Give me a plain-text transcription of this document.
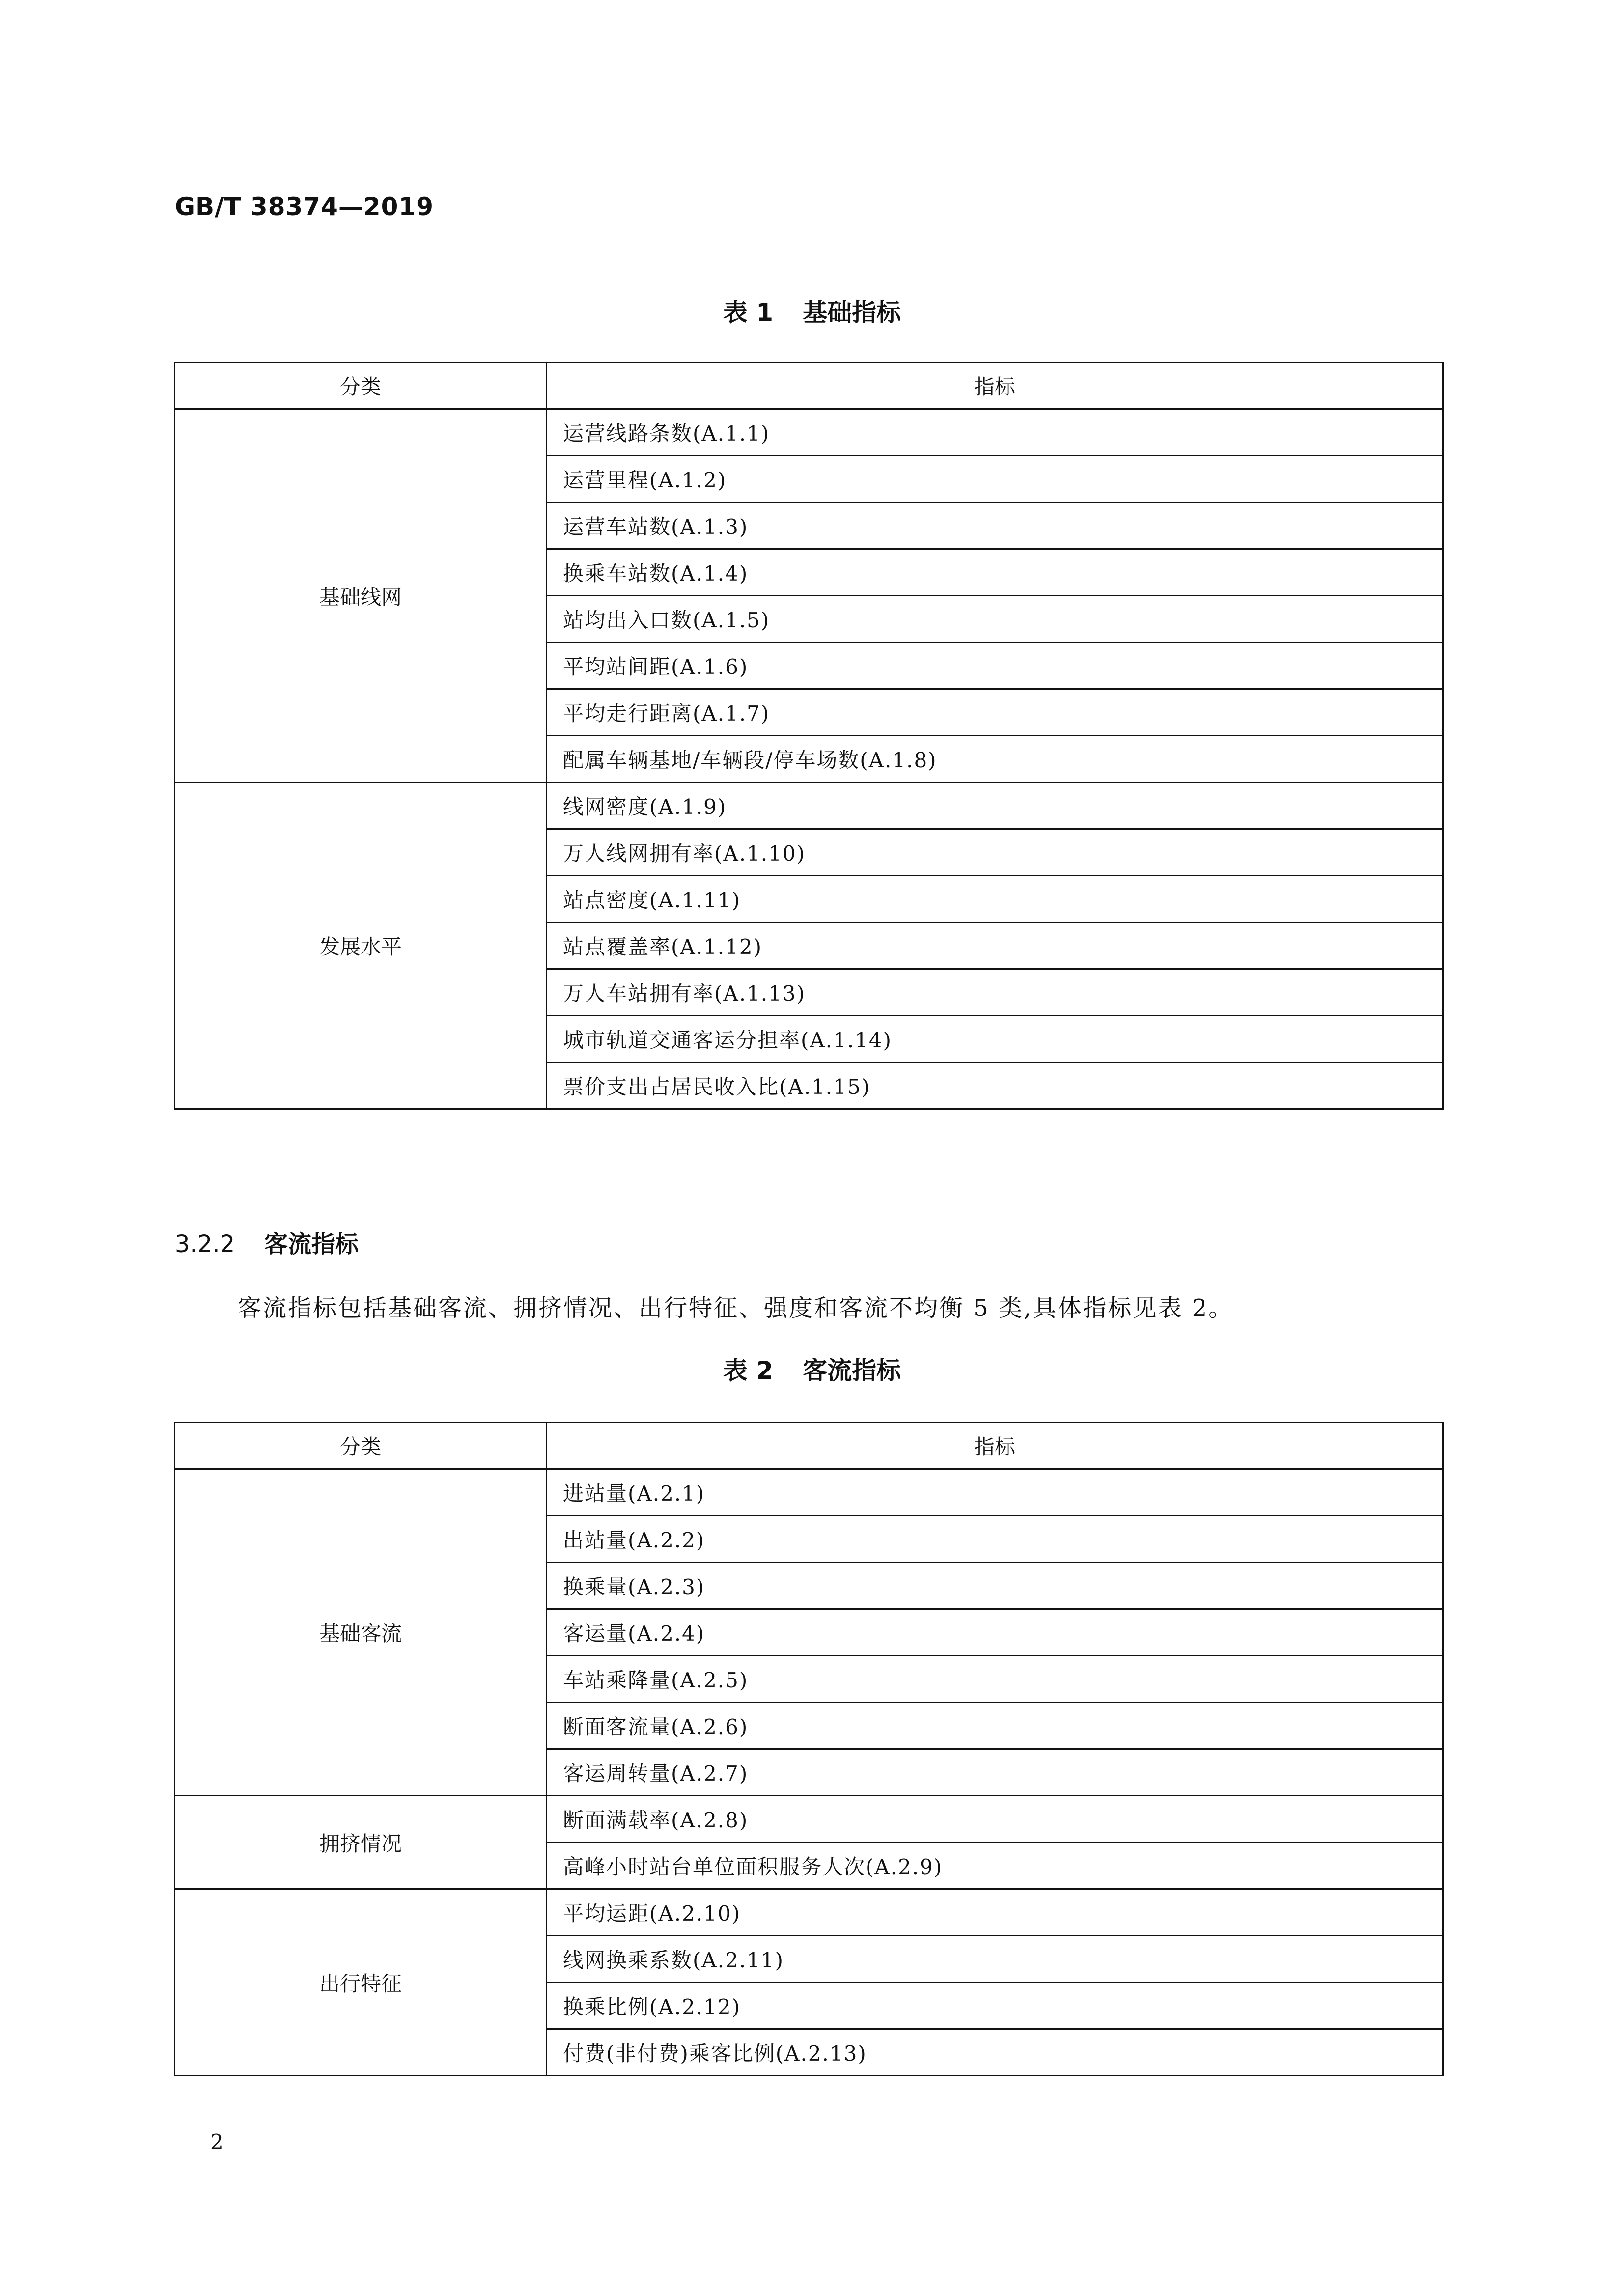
GB/T 38374—2019
表 1 基础指标
分类	指标
基础线网	运营线路条数(A.1.1)
	运营里程(A.1.2)
	运营车站数(A.1.3)
	换乘车站数(A.1.4)
	站均出入口数(A.1.5)
	平均站间距(A.1.6)
	平均走行距离(A.1.7)
	配属车辆基地/车辆段/停车场数(A.1.8)
发展水平	线网密度(A.1.9)
	万人线网拥有率(A.1.10)
	站点密度(A.1.11)
	站点覆盖率(A.1.12)
	万人车站拥有率(A.1.13)
	城市轨道交通客运分担率(A.1.14)
	票价支出占居民收入比(A.1.15)
3.2.2 客流指标
客流指标包括基础客流、拥挤情况、出行特征、强度和客流不均衡 5 类,具体指标见表 2。
表 2 客流指标
分类	指标
基础客流	进站量(A.2.1)
	出站量(A.2.2)
	换乘量(A.2.3)
	客运量(A.2.4)
	车站乘降量(A.2.5)
	断面客流量(A.2.6)
	客运周转量(A.2.7)
拥挤情况	断面满载率(A.2.8)
	高峰小时站台单位面积服务人次(A.2.9)
出行特征	平均运距(A.2.10)
	线网换乘系数(A.2.11)
	换乘比例(A.2.12)
	付费(非付费)乘客比例(A.2.13)
2
